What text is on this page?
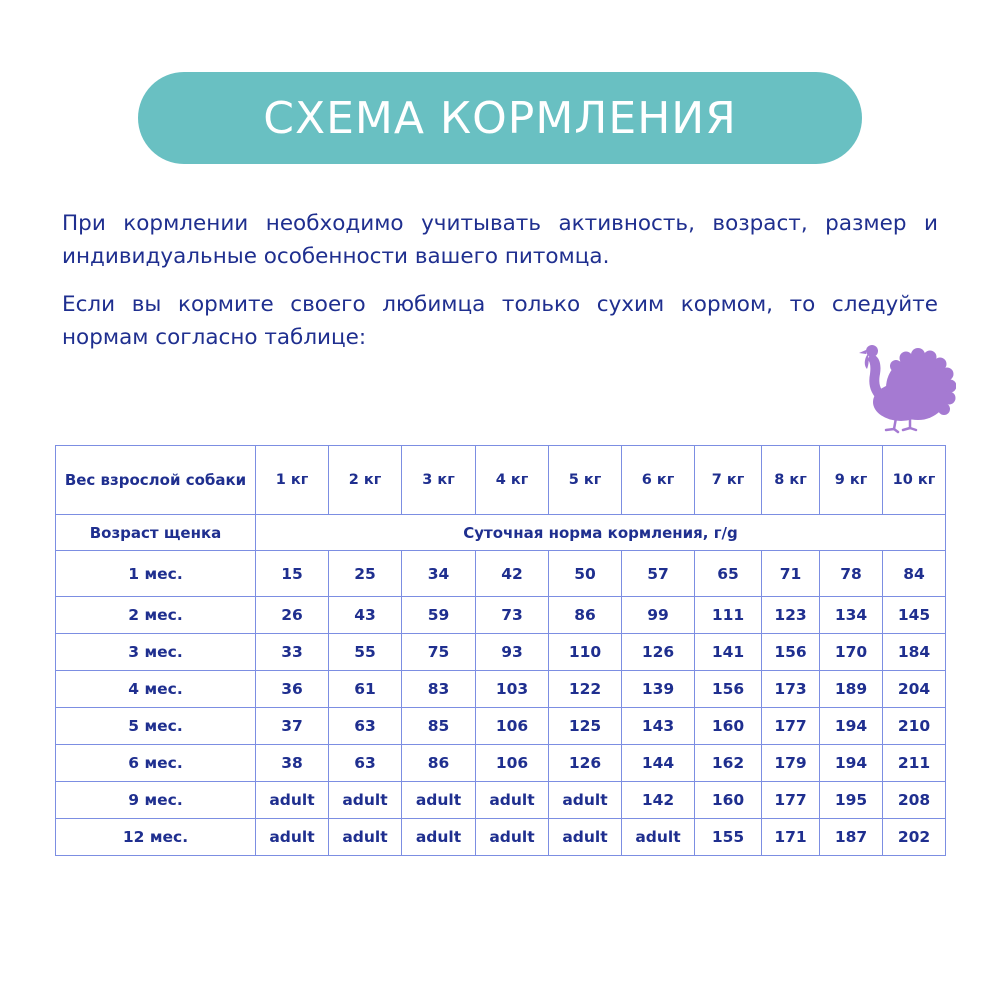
СХЕМА КОРМЛЕНИЯ

При кормлении необходимо учитывать активность, возраст, размер и индивидуальные особенности вашего питомца.

Если вы кормите своего любимца только сухим кормом, то следуйте нормам согласно таблице:

Вес взрослой собаки	1 кг	2 кг	3 кг	4 кг	5 кг	6 кг	7 кг	8 кг	9 кг	10 кг
Возраст щенка	Суточная норма кормления, г/g									
1 мес.	15	25	34	42	50	57	65	71	78	84
2 мес.	26	43	59	73	86	99	111	123	134	145
3 мес.	33	55	75	93	110	126	141	156	170	184
4 мес.	36	61	83	103	122	139	156	173	189	204
5 мес.	37	63	85	106	125	143	160	177	194	210
6 мес.	38	63	86	106	126	144	162	179	194	211
9 мес.	adult	adult	adult	adult	adult	142	160	177	195	208
12 мес.	adult	adult	adult	adult	adult	adult	155	171	187	202
